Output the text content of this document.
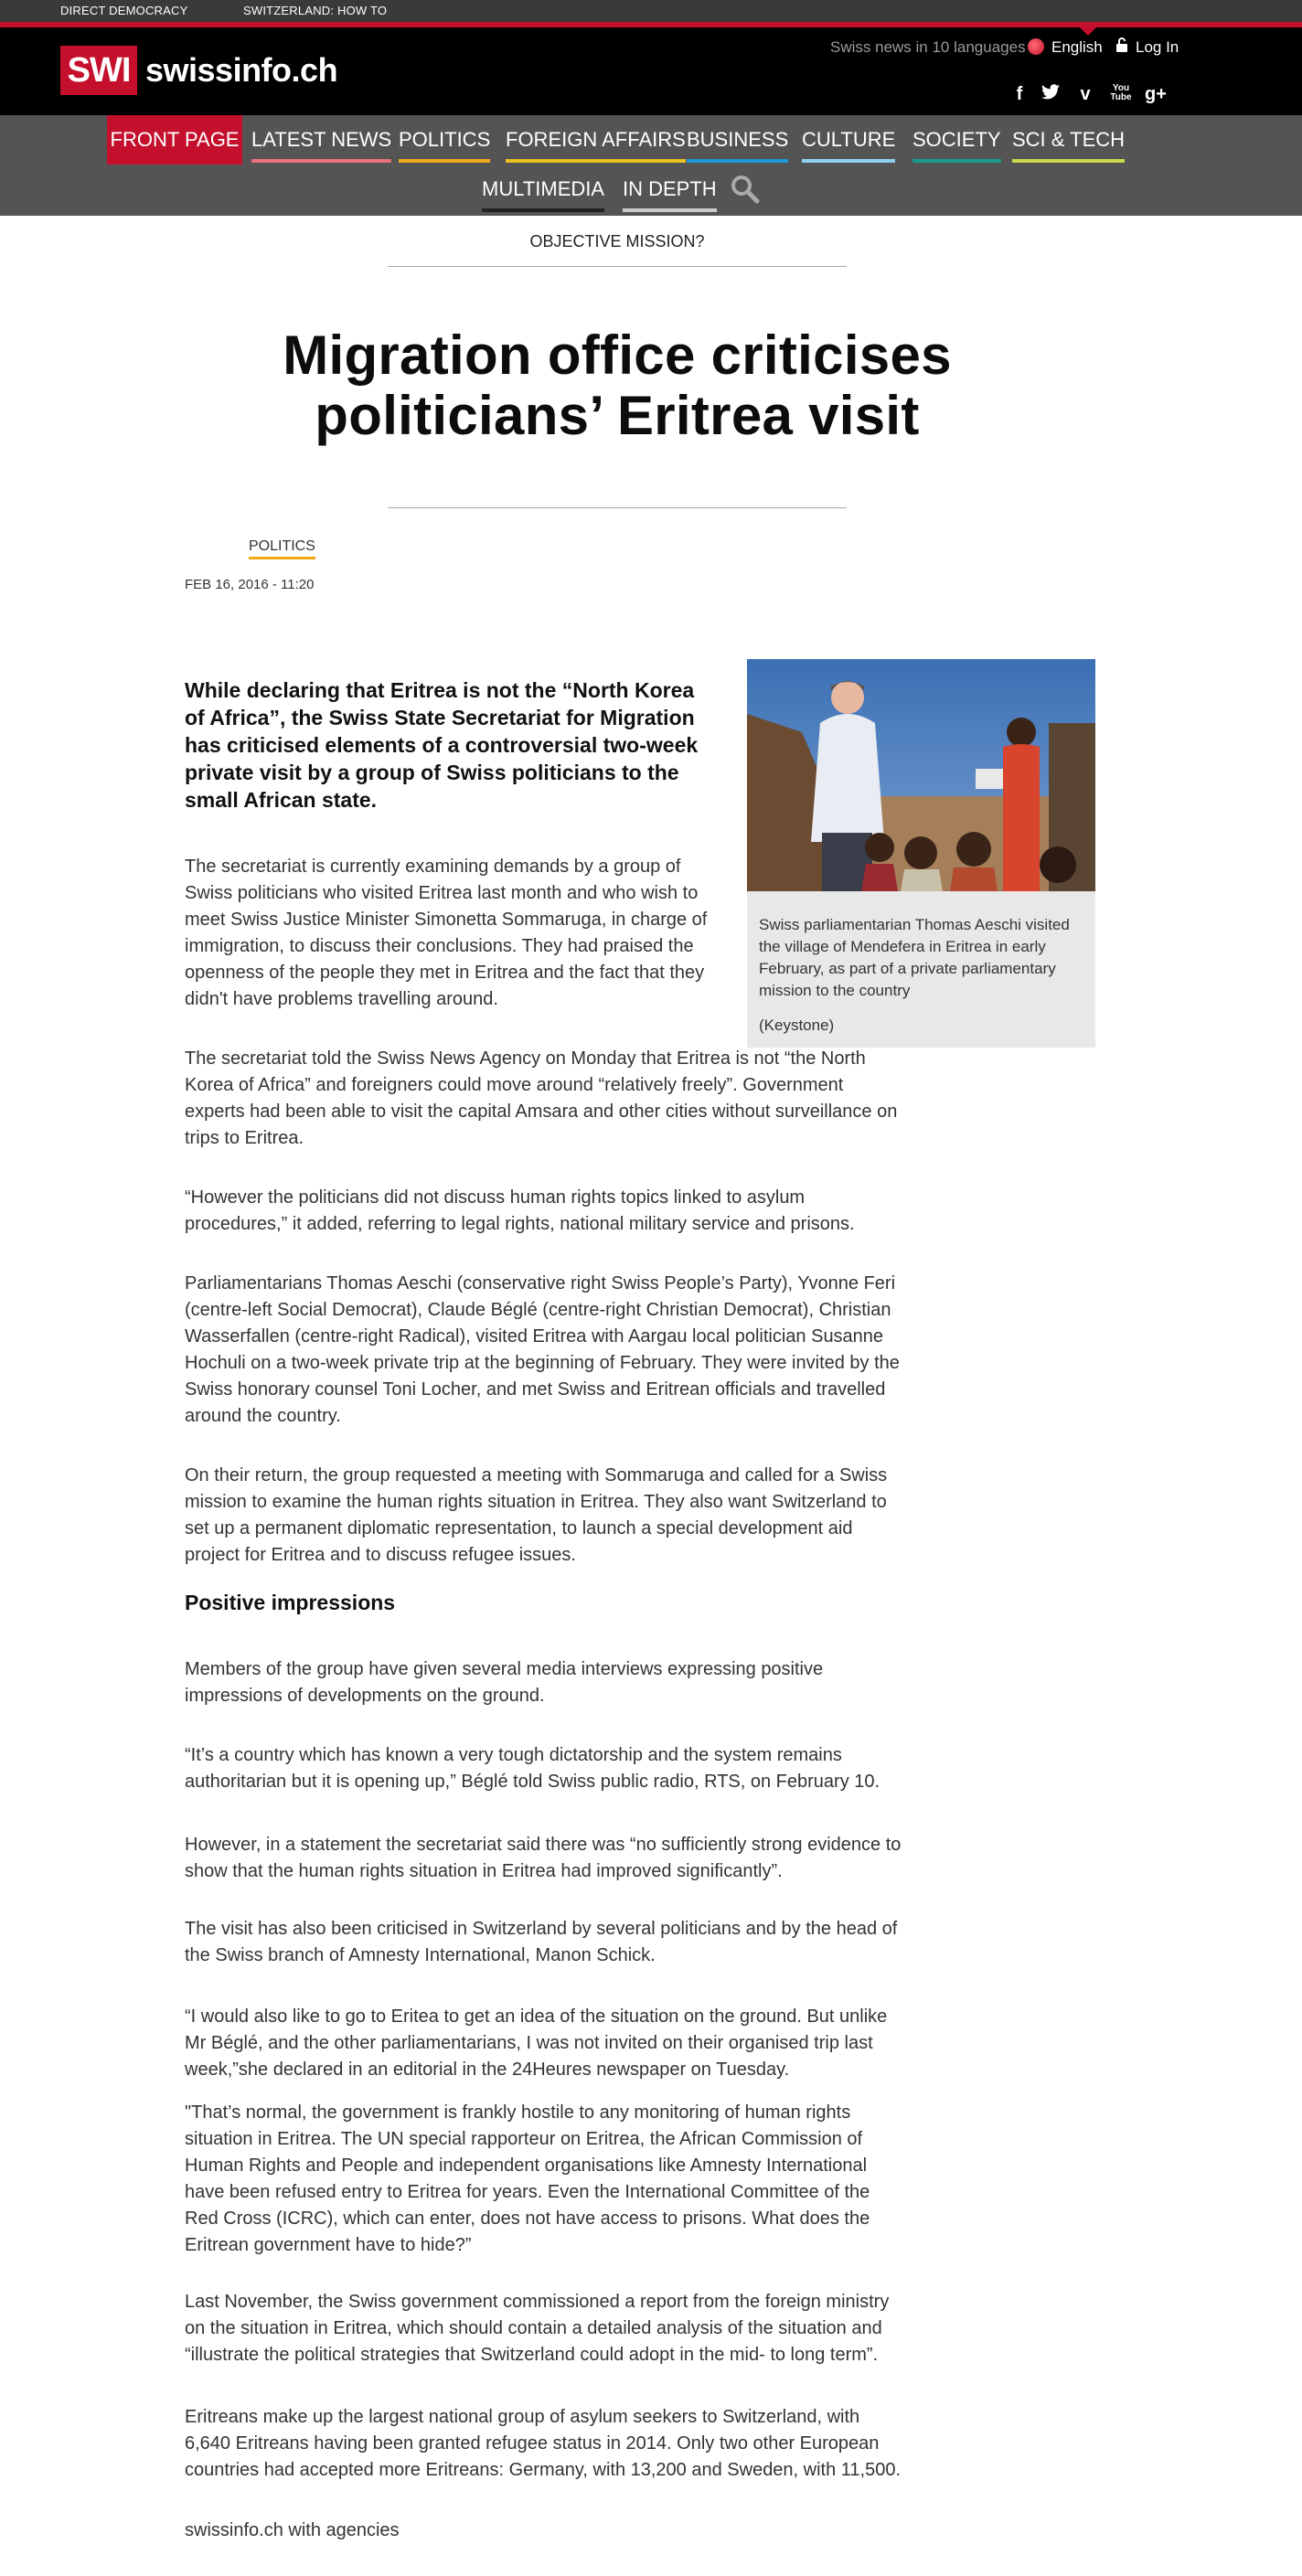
DIRECT DEMOCRACY	SWITZERLAND: HOW TO
SWI swissinfo.ch
Swiss news in 10 languages English Log In
f	v	You Tube g+
FRONT PAGE LATEST NEWS POLITICS FOREIGN AFFAIRS BUSINESS CULTURE SOCIETY SCI & TECH
MULTIMEDIA IN DEPTH
OBJECTIVE MISSION?
Migration office criticises politicians’ Eritrea visit
POLITICS
FEB 16, 2016 - 11:20
While declaring that Eritrea is not the “North Korea of Africa”, the Swiss State Secretariat for Migration has criticised elements of a controversial two-week private visit by a group of Swiss politicians to the small African state.
Swiss parliamentarian Thomas Aeschi visited the village of Mendefera in Eritrea in early February, as part of a private parliamentary mission to the country
(Keystone)

The secretariat is currently examining demands by a group of Swiss politicians who visited Eritrea last month and who wish to meet Swiss Justice Minister Simonetta Sommaruga, in charge of immigration, to discuss their conclusions. They had praised the openness of the people they met in Eritrea and the fact that they didn't have problems travelling around.

The secretariat told the Swiss News Agency on Monday that Eritrea is not “the North Korea of Africa” and foreigners could move around “relatively freely”. Government experts had been able to visit the capital Amsara and other cities without surveillance on trips to Eritrea.

“However the politicians did not discuss human rights topics linked to asylum procedures,” it added, referring to legal rights, national military service and prisons.

Parliamentarians Thomas Aeschi (conservative right Swiss People’s Party), Yvonne Feri (centre-left Social Democrat), Claude Béglé (centre-right Christian Democrat), Christian Wasserfallen (centre-right Radical), visited Eritrea with Aargau local politician Susanne Hochuli on a two-week private trip at the beginning of February. They were invited by the Swiss honorary counsel Toni Locher, and met Swiss and Eritrean officials and travelled around the country.

On their return, the group requested a meeting with Sommaruga and called for a Swiss mission to examine the human rights situation in Eritrea. They also want Switzerland to set up a permanent diplomatic representation, to launch a special development aid project for Eritrea and to discuss refugee issues.

Positive impressions

Members of the group have given several media interviews expressing positive impressions of developments on the ground.

“It’s a country which has known a very tough dictatorship and the system remains authoritarian but it is opening up,” Béglé told Swiss public radio, RTS, on February 10.

However, in a statement the secretariat said there was “no sufficiently strong evidence to show that the human rights situation in Eritrea had improved significantly”.

The visit has also been criticised in Switzerland by several politicians and by the head of the Swiss branch of Amnesty International, Manon Schick.

“I would also like to go to Eritea to get an idea of the situation on the ground. But unlike Mr Béglé, and the other parliamentarians, I was not invited on their organised trip last week,”she declared in an editorial in the 24Heures newspaper on Tuesday.

"That’s normal, the government is frankly hostile to any monitoring of human rights situation in Eritrea. The UN special rapporteur on Eritrea, the African Commission of Human Rights and People and independent organisations like Amnesty International have been refused entry to Eritrea for years. Even the International Committee of the Red Cross (ICRC), which can enter, does not have access to prisons. What does the Eritrean government have to hide?”

Last November, the Swiss government commissioned a report from the foreign ministry on the situation in Eritrea, which should contain a detailed analysis of the situation and “illustrate the political strategies that Switzerland could adopt in the mid- to long term”.

Eritreans make up the largest national group of asylum seekers to Switzerland, with 6,640 Eritreans having been granted refugee status in 2014. Only two other European countries had accepted more Eritreans: Germany, with 13,200 and Sweden, with 11,500.

swissinfo.ch with agencies
